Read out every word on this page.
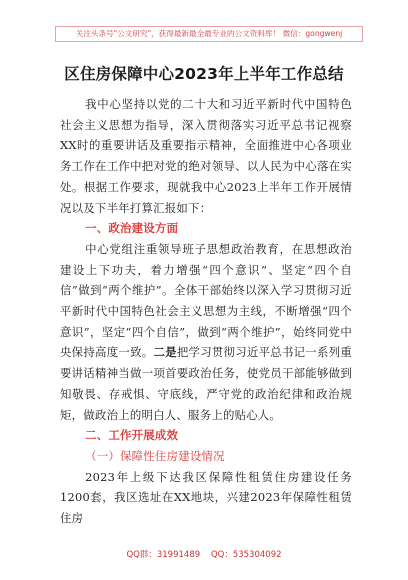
关注头条号"公文研究"，获得最新最全最专业的公文资料库！ 微信：gongwenj
区住房保障中心2023年上半年工作总结

我中心坚持以党的二十大和习近平新时代中国特色社会主义思想为指导，深入贯彻落实习近平总书记视察XX时的重要讲话及重要指示精神，全面推进中心各项业务工作在工作中把对党的绝对领导、以人民为中心落在实处。根据工作要求，现就我中心2023上半年工作开展情况以及下半年打算汇报如下：

一、政治建设方面

中心党组注重领导班子思想政治教育，在思想政治建设上下功夫，着力增强“四个意识”、坚定“四个自信”做到“两个维护”。全体干部始终以深入学习贯彻习近平新时代中国特色社会主义思想为主线，不断增强“四个意识”，坚定“四个自信”，做到“两个维护”，始终同党中央保持高度一致。二是把学习贯彻习近平总书记一系列重要讲话精神当做一项首要政治任务，使党员干部能够做到知敬畏、存戒惧、守底线，严守党的政治纪律和政治规矩，做政治上的明白人、服务上的贴心人。

二、工作开展成效
（一）保障性住房建设情况

2023年上级下达我区保障性租赁住房建设任务1200套，我区选址在XX地块，兴建2023年保障性租赁住房

QQ群：31991489 QQ：535304092
